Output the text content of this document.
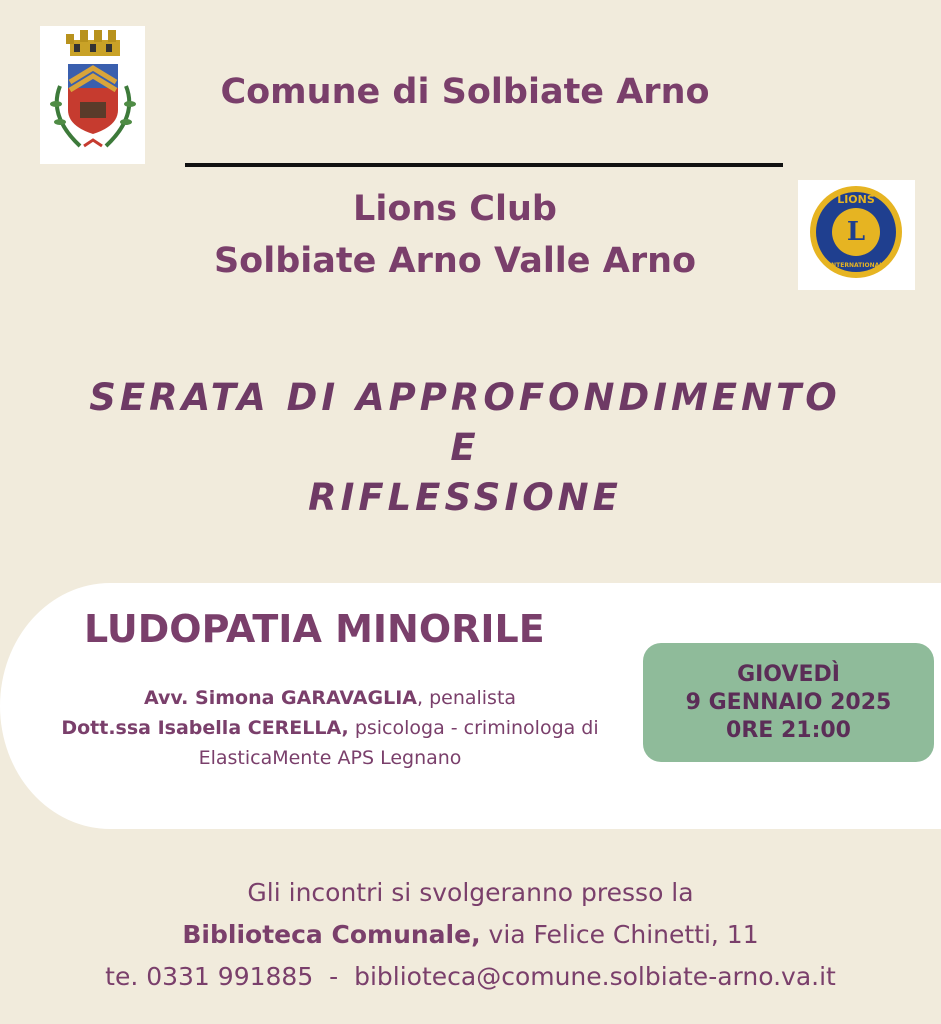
Comune di Solbiate Arno
Lions Club
Solbiate Arno Valle Arno
L
LIONS
INTERNATIONAL
SERATA DI APPROFONDIMENTO
E
RIFLESSIONE
LUDOPATIA MINORILE
Avv. Simona GARAVAGLIA, penalista
Dott.ssa Isabella CERELLA, psicologa - criminologa di
ElasticaMente APS Legnano
GIOVEDÌ
9 GENNAIO 2025
0RE 21:00
Gli incontri si svolgeranno presso la
Biblioteca Comunale, via Felice Chinetti, 11
te. 0331 991885 - biblioteca@comune.solbiate-arno.va.it
